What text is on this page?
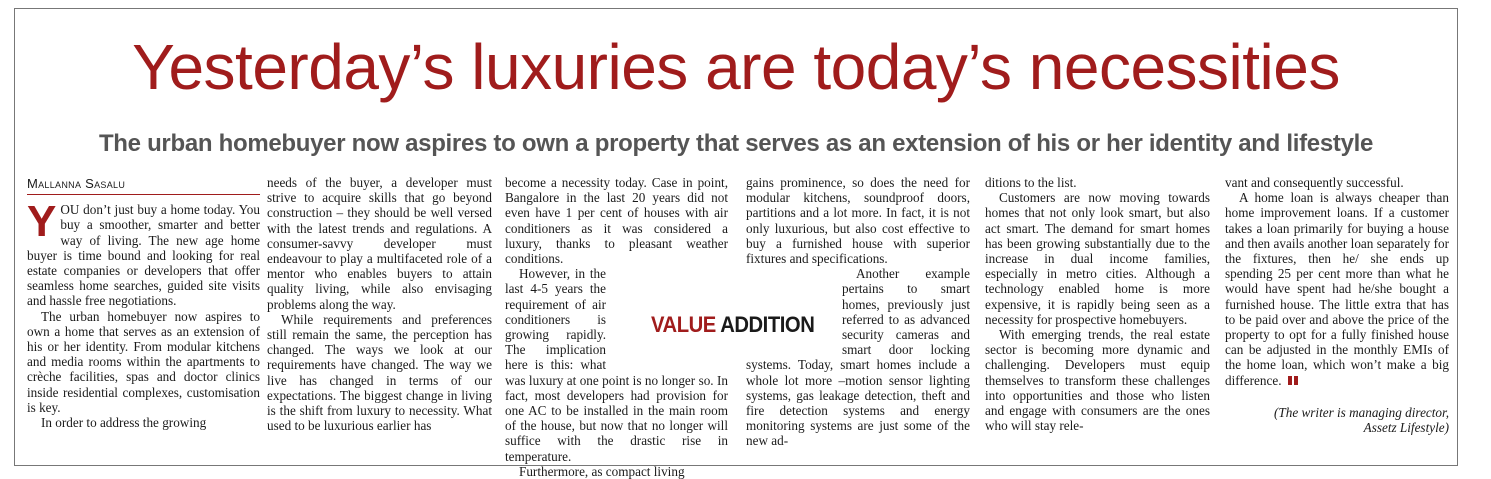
Yesterday’s luxuries are today’s necessities
The urban homebuyer now aspires to own a property that serves as an extension of his or her identity and lifestyle
Mallanna Sasalu

YOU don’t just buy a home today. You buy a smoother, smarter and better way of living. The new age home buyer is time bound and looking for real estate companies or developers that offer seamless home searches, guided site visits and hassle free negotiations.

The urban homebuyer now aspires to own a home that serves as an extension of his or her identity. From modular kitchens and media rooms within the apartments to crèche facilities, spas and doctor clinics inside residential complexes, customisation is key.

In order to address the growing

needs of the buyer, a developer must strive to acquire skills that go beyond construction – they should be well versed with the latest trends and regulations. A consumer-savvy developer must endeavour to play a multifaceted role of a mentor who enables buyers to attain quality living, while also envisaging problems along the way.

While requirements and preferences still remain the same, the perception has changed. The ways we look at our requirements have changed. The way we live has changed in terms of our expectations. The biggest change in living is the shift from luxury to necessity. What used to be luxurious earlier has

become a necessity today. Case in point, Bangalore in the last 20 years did not even have 1 per cent of houses with air conditioners as it was considered a luxury, thanks to pleasant weather conditions.

However, in the last 4-5 years the requirement of air conditioners is growing rapidly. The implication here is this: what was luxury at one point is no longer so. In fact, most developers had provision for one AC to be installed in the main room of the house, but now that no longer will suffice with the drastic rise in temperature.

Furthermore, as compact living

gains prominence, so does the need for modular kitchens, soundproof doors, partitions and a lot more. In fact, it is not only luxurious, but also cost effective to buy a furnished house with superior fixtures and specifications.

Another example pertains to smart homes, previously just referred to as advanced security cameras and smart door locking systems. Today, smart homes include a whole lot more –motion sensor lighting systems, gas leakage detection, theft and fire detection systems and energy monitoring systems are just some of the new ad-

VALUE ADDITION

ditions to the list.

Customers are now moving towards homes that not only look smart, but also act smart. The demand for smart homes has been growing substantially due to the increase in dual income families, especially in metro cities. Although a technology enabled home is more expensive, it is rapidly being seen as a necessity for prospective homebuyers.

With emerging trends, the real estate sector is becoming more dynamic and challenging. Developers must equip themselves to transform these challenges into opportunities and those who listen and engage with consumers are the ones who will stay rele-

vant and consequently successful.

A home loan is always cheaper than home improvement loans. If a customer takes a loan primarily for buying a house and then avails another loan separately for the fixtures, then he/ she ends up spending 25 per cent more than what he would have spent had he/she bought a furnished house. The little extra that has to be paid over and above the price of the property to opt for a fully finished house can be adjusted in the monthly EMIs of the home loan, which won’t make a big difference.

(The writer is managing director,
Assetz Lifestyle)
